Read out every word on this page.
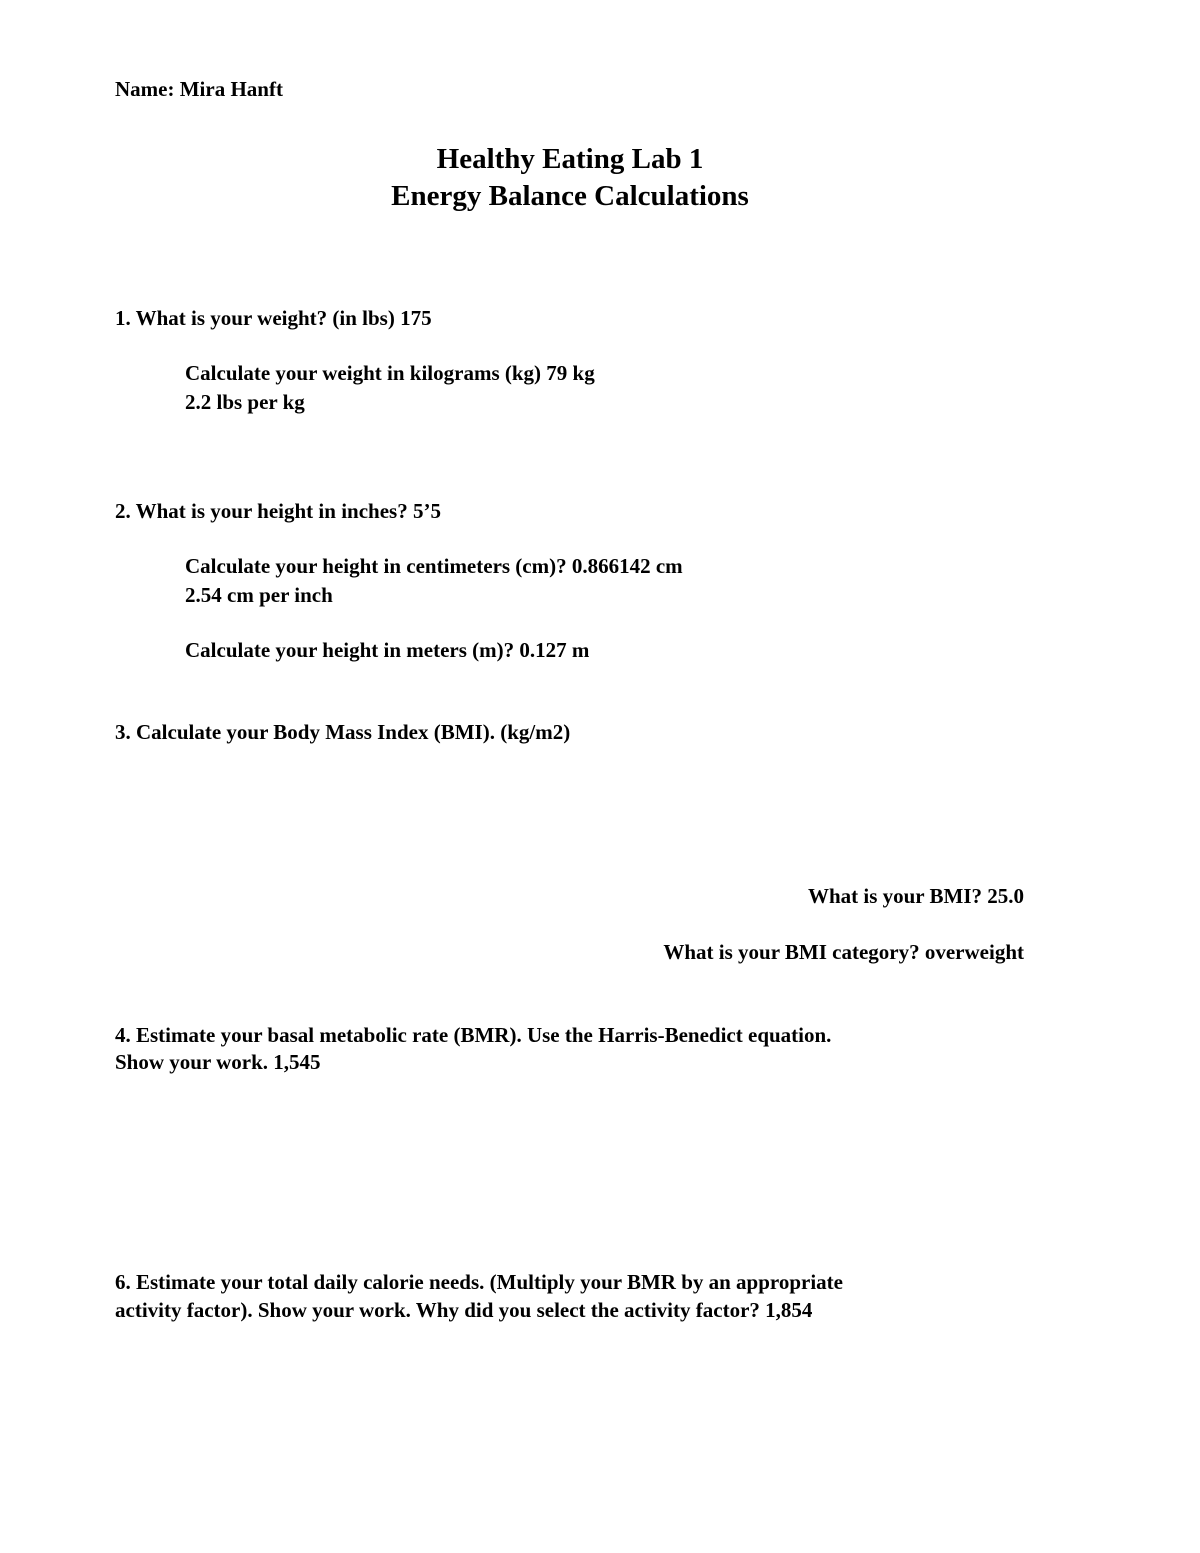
Name: Mira Hanft
Healthy Eating Lab 1
Energy Balance Calculations
1. What is your weight? (in lbs) 175
Calculate your weight in kilograms (kg) 79 kg
2.2 lbs per kg
2. What is your height in inches? 5’5
Calculate your height in centimeters (cm)? 0.866142 cm
2.54 cm per inch
Calculate your height in meters (m)? 0.127 m
3. Calculate your Body Mass Index (BMI). (kg/m2)
What is your BMI? 25.0
What is your BMI category? overweight
4. Estimate your basal metabolic rate (BMR). Use the Harris-Benedict equation.
Show your work. 1,545
6. Estimate your total daily calorie needs. (Multiply your BMR by an appropriate
activity factor). Show your work. Why did you select the activity factor? 1,854
